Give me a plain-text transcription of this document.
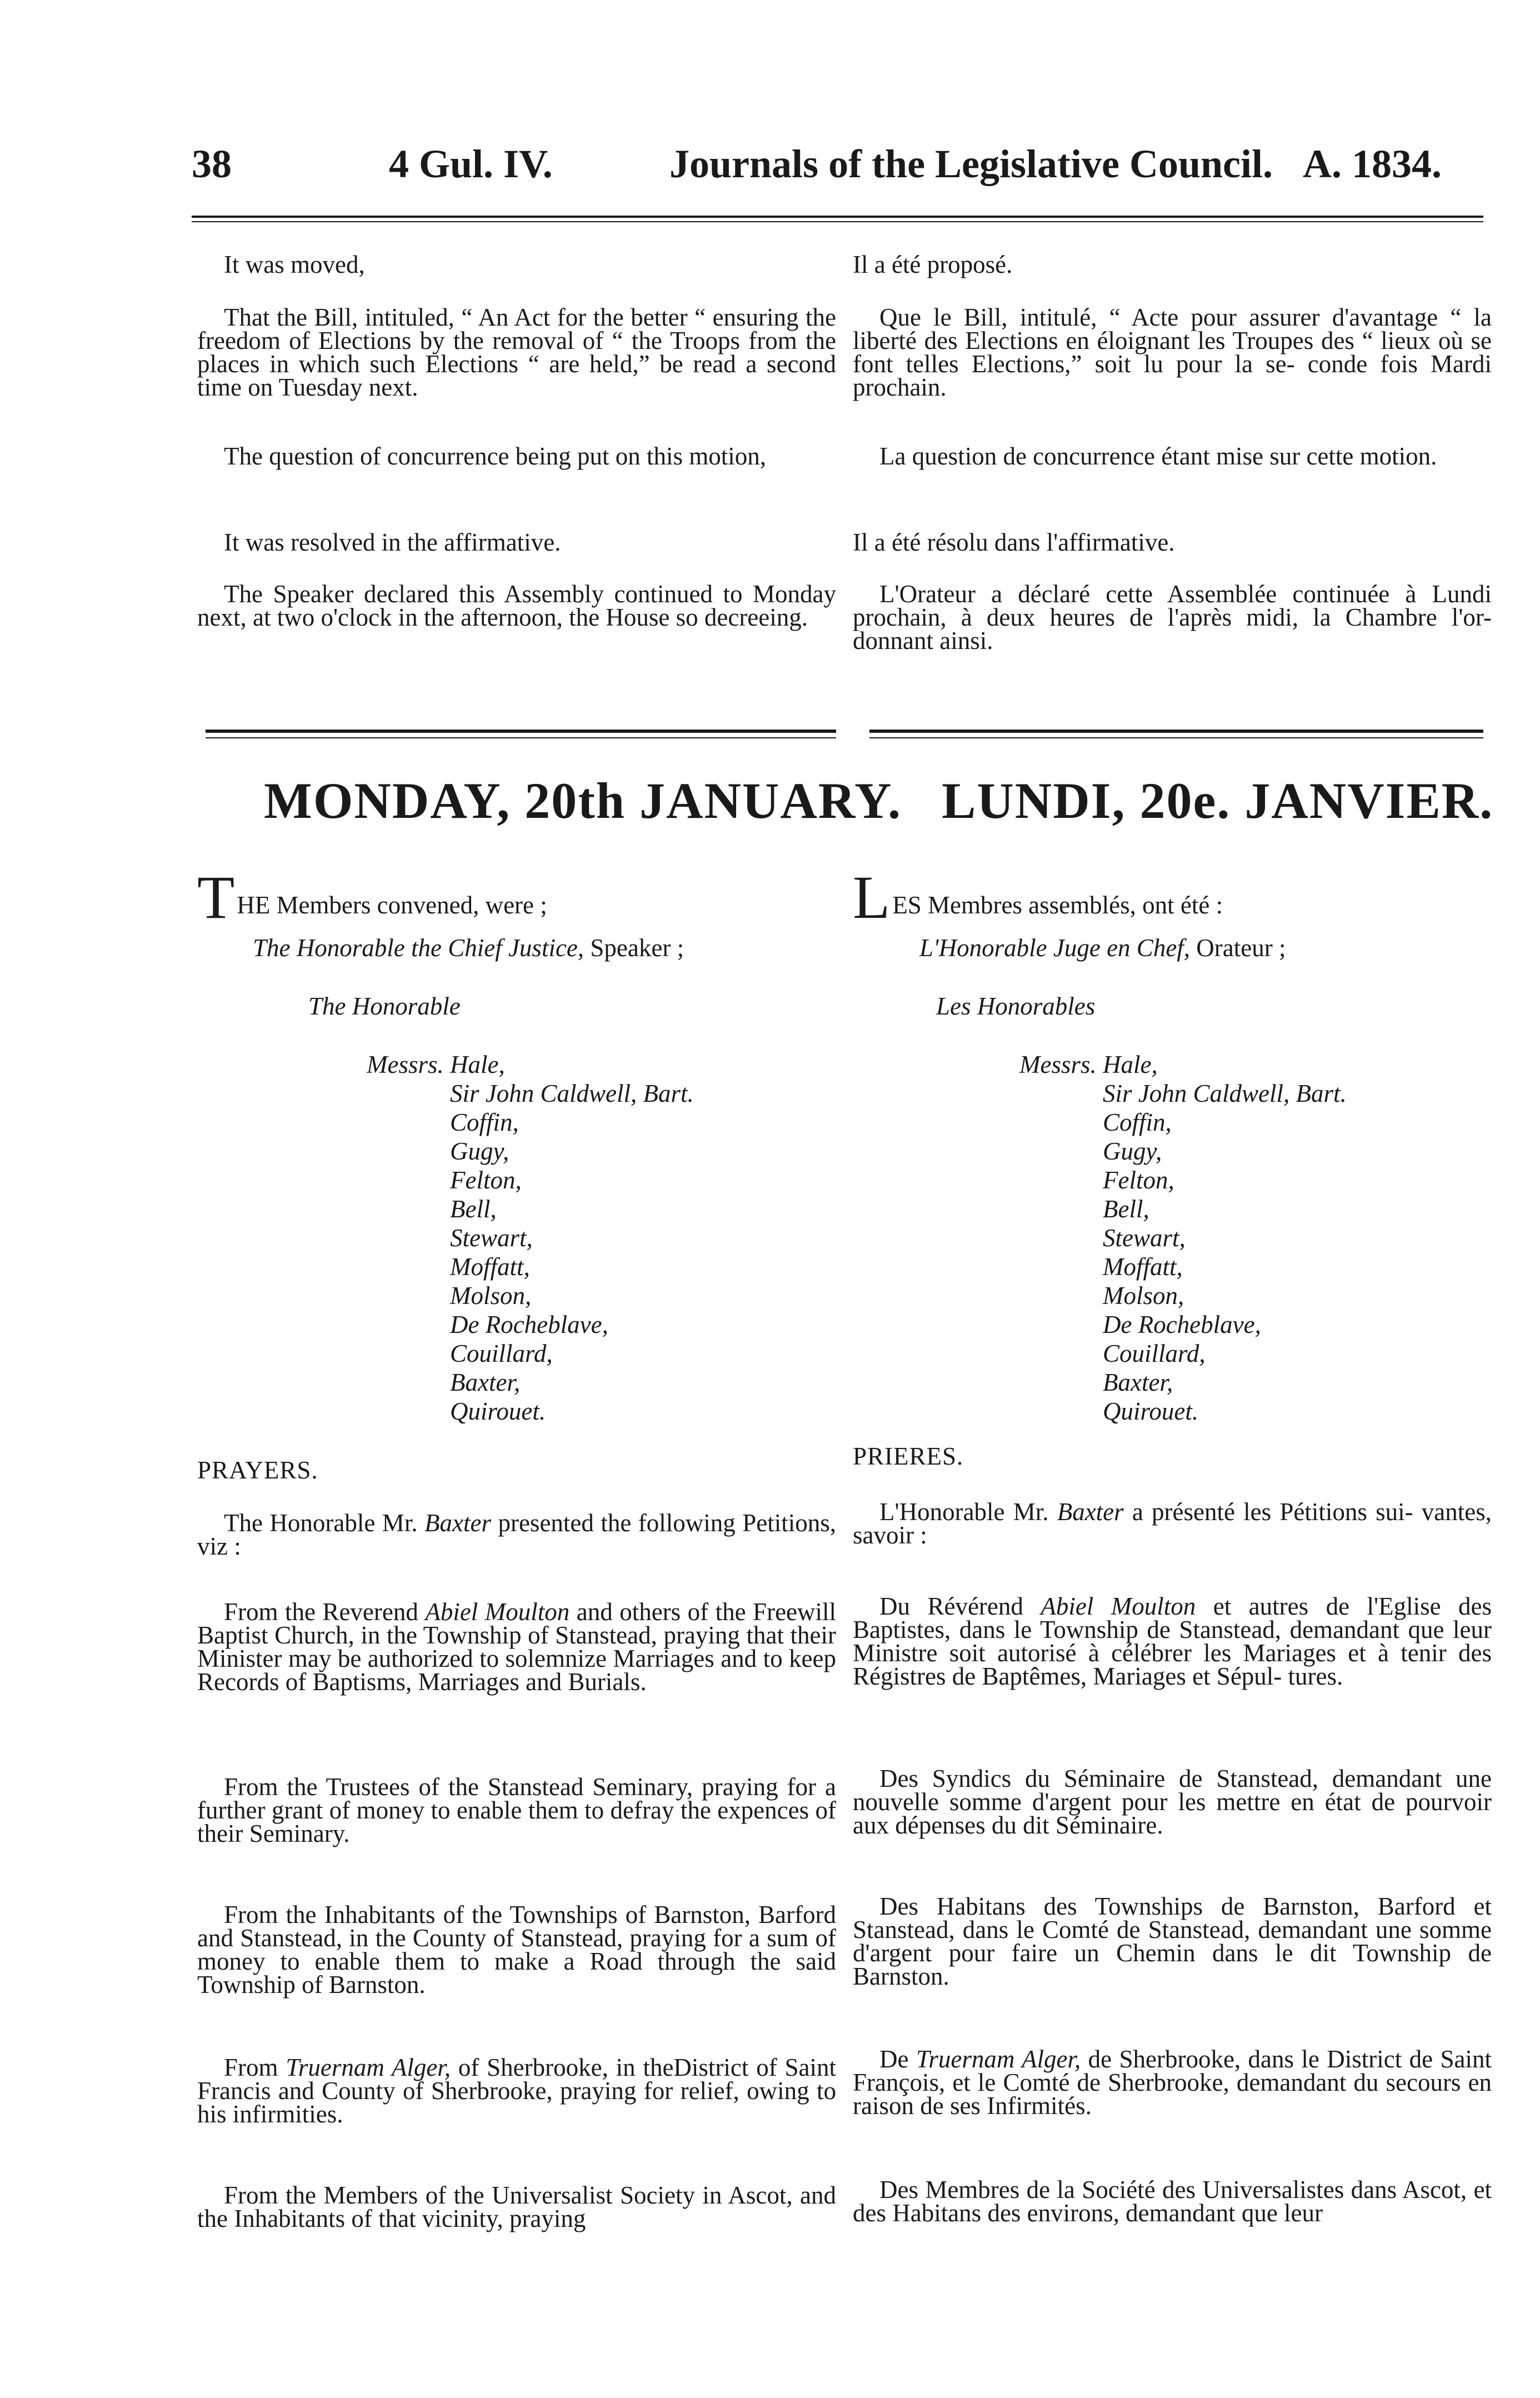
38	4 Gul. IV.	Journals of the Legislative Council. A. 1834.
It was moved,
That the Bill, intituled, “ An Act for the better “ ensuring the freedom of Elections by the removal of “ the Troops from the places in which such Elections “ are held,” be read a second time on Tuesday next.
The question of concurrence being put on this motion,
It was resolved in the affirmative.
The Speaker declared this Assembly continued to Monday next, at two o'clock in the afternoon, the House so decreeing.
MONDAY, 20th JANUARY.
THE Members convened, were ;
The Honorable the Chief Justice, Speaker ;
The Honorable
Messrs. Hale,
Sir John Caldwell, Bart.
Coffin,
Gugy,
Felton,
Bell,
Stewart,
Moffatt,
Molson,
De Rocheblave,
Couillard,
Baxter,
Quirouet.
PRAYERS.
The Honorable Mr. Baxter presented the following Petitions, viz :
From the Reverend Abiel Moulton and others of the Freewill Baptist Church, in the Township of Stanstead, praying that their Minister may be authorized to solemnize Marriages and to keep Records of Baptisms, Marriages and Burials.
From the Trustees of the Stanstead Seminary, praying for a further grant of money to enable them to defray the expences of their Seminary.
From the Inhabitants of the Townships of Barnston, Barford and Stanstead, in the County of Stanstead, praying for a sum of money to enable them to make a Road through the said Township of Barnston.
From Truernam Alger, of Sherbrooke, in theDistrict of Saint Francis and County of Sherbrooke, praying for relief, owing to his infirmities.
From the Members of the Universalist Society in Ascot, and the Inhabitants of that vicinity, praying
Il a été proposé.
Que le Bill, intitulé, “ Acte pour assurer d'avantage “ la liberté des Elections en éloignant les Troupes des “ lieux où se font telles Elections,” soit lu pour la se- conde fois Mardi prochain.
La question de concurrence étant mise sur cette motion.
Il a été résolu dans l'affirmative.
L'Orateur a déclaré cette Assemblée continuée à Lundi prochain, à deux heures de l'après midi, la Chambre l'or- donnant ainsi.
LUNDI, 20e. JANVIER.
LES Membres assemblés, ont été :
L'Honorable Juge en Chef, Orateur ;
Les Honorables
Messrs. Hale,
Sir John Caldwell, Bart.
Coffin,
Gugy,
Felton,
Bell,
Stewart,
Moffatt,
Molson,
De Rocheblave,
Couillard,
Baxter,
Quirouet.
PRIERES.
L'Honorable Mr. Baxter a présenté les Pétitions sui- vantes, savoir :
Du Révérend Abiel Moulton et autres de l'Eglise des Baptistes, dans le Township de Stanstead, demandant que leur Ministre soit autorisé à célébrer les Mariages et à tenir des Régistres de Baptêmes, Mariages et Sépul- tures.
Des Syndics du Séminaire de Stanstead, demandant une nouvelle somme d'argent pour les mettre en état de pourvoir aux dépenses du dit Séminaire.
Des Habitans des Townships de Barnston, Barford et Stanstead, dans le Comté de Stanstead, demandant une somme d'argent pour faire un Chemin dans le dit Township de Barnston.
De Truernam Alger, de Sherbrooke, dans le District de Saint François, et le Comté de Sherbrooke, demandant du secours en raison de ses Infirmités.
Des Membres de la Société des Universalistes dans Ascot, et des Habitans des environs, demandant que leur
